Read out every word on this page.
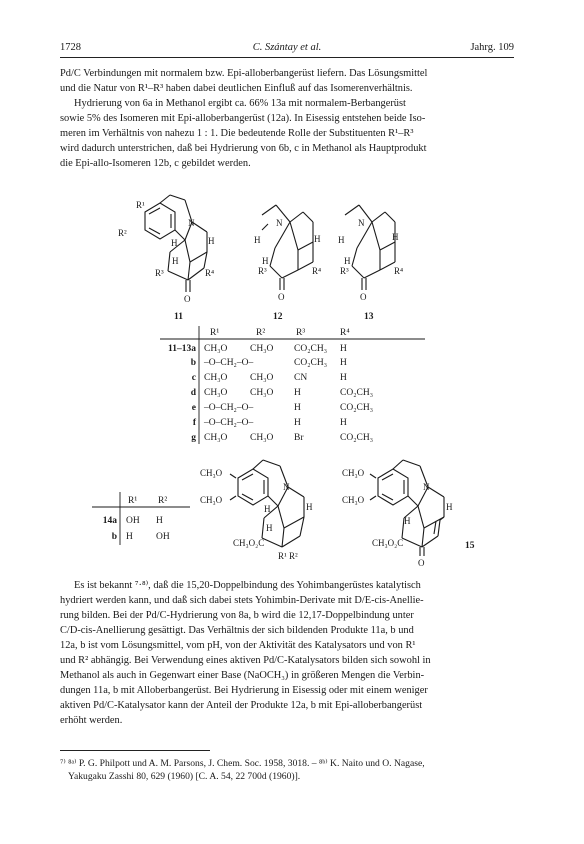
1728	C. Szántay et al.	Jahrg. 109

Pd/C Verbindungen mit normalem bzw. Epi-alloberbangerüst liefern. Das Lösungsmittel

und die Natur von R¹–R³ haben dabei deutlichen Einfluß auf das Isomerenverhältnis.

Hydrierung von 6a in Methanol ergibt ca. 66% 13a mit normalem-Berbangerüst

sowie 5% des Isomeren mit Epi-alloberbangerüst (12a). In Eisessig entstehen beide Iso-

meren im Verhältnis von nahezu 1 : 1. Die bedeutende Rolle der Substituenten R¹–R³

wird dadurch unterstrichen, daß bei Hydrierung von 6b, c in Methanol als Hauptprodukt

die Epi-allo-Isomeren 12b, c gebildet werden.

R¹
R²
N
H	H
H
R³	R⁴
O
11
N
H	H
H
R³	R⁴
O
12
N
H	H
H
R³	R⁴
O
13
R¹	R²	R³	R⁴
11–13a CH₃O CH₃O CO₂CH₃ H
b –O–CH₂–O–	CO₂CH₃ H
c CH₃O CH₃O CN	H
d CH₃O CH₃O H	CO₂CH₃
e –O–CH₂–O–	H	CO₂CH₃
f –O–CH₂–O–	H	H
g CH₃O CH₃O Br	CO₂CH₃
R¹ R²
14a OH H
b H OH
CH₃O
CH₃O
N
H	H
H
CH₃O₂C
R¹ R²
CH₃O
CH₃O
N
H
H
CH₃O₂C
O
15

Es ist bekannt ⁷·⁸⁾, daß die 15,20-Doppelbindung des Yohimbangerüstes katalytisch

hydriert werden kann, und daß sich dabei stets Yohimbin-Derivate mit D/E-cis-Anellie-

rung bilden. Bei der Pd/C-Hydrierung von 8a, b wird die 12,17-Doppelbindung unter

C/D-cis-Anellierung gesättigt. Das Verhältnis der sich bildenden Produkte 11a, b und

12a, b ist vom Lösungsmittel, vom pH, von der Aktivität des Katalysators und von R¹

und R² abhängig. Bei Verwendung eines aktiven Pd/C-Katalysators bilden sich sowohl in

Methanol als auch in Gegenwart einer Base (NaOCH₃) in größeren Mengen die Verbin-

dungen 11a, b mit Alloberbangerüst. Bei Hydrierung in Eisessig oder mit einem weniger

aktiven Pd/C-Katalysator kann der Anteil der Produkte 12a, b mit Epi-alloberbangerüst

erhöht werden.

⁷⁾ ⁸ᵃ⁾ P. G. Philpott und A. M. Parsons, J. Chem. Soc. 1958, 3018. – ⁸ᵇ⁾ K. Naito und O. Nagase,

Yakugaku Zasshi 80, 629 (1960) [C. A. 54, 22 700d (1960)].
